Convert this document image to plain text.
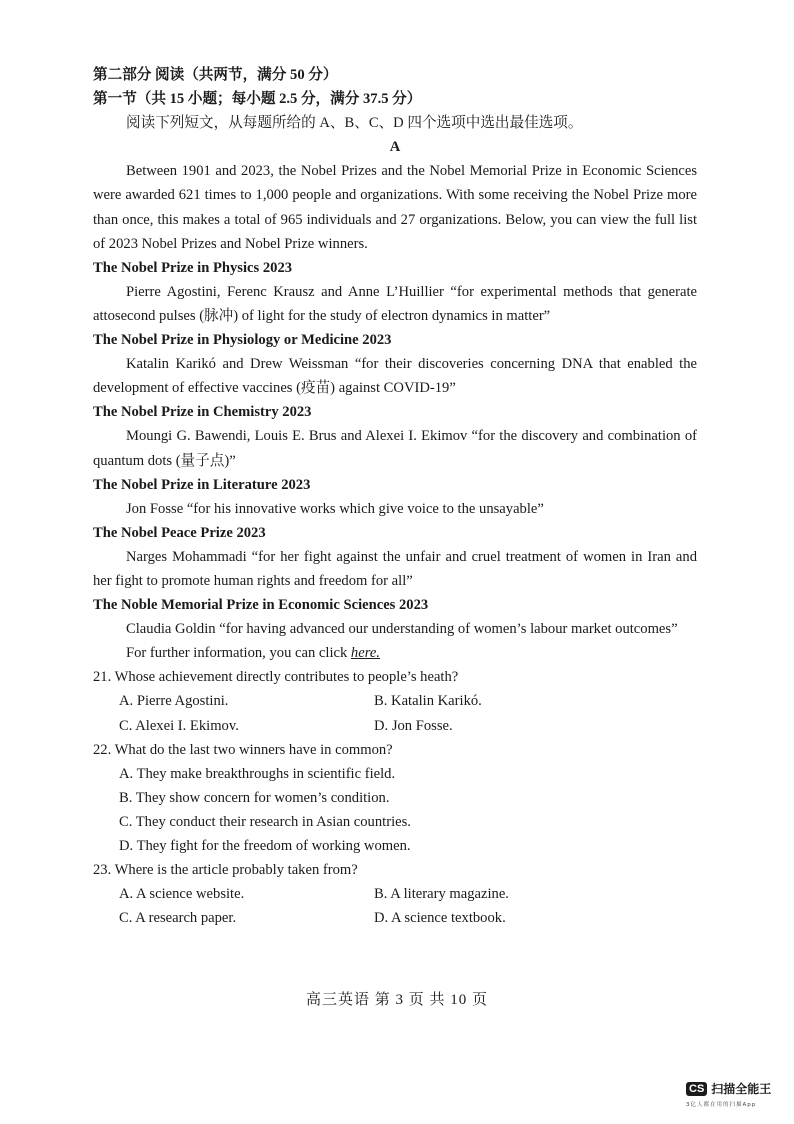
第二部分 阅读（共两节，满分 50 分）
第一节（共 15 小题；每小题 2.5 分，满分 37.5 分）
阅读下列短文，从每题所给的 A、B、C、D 四个选项中选出最佳选项。
A
Between 1901 and 2023, the Nobel Prizes and the Nobel Memorial Prize in Economic Sciences were awarded 621 times to 1,000 people and organizations. With some receiving the Nobel Prize more than once, this makes a total of 965 individuals and 27 organizations. Below, you can view the full list of 2023 Nobel Prizes and Nobel Prize winners.
The Nobel Prize in Physics 2023
Pierre Agostini, Ferenc Krausz and Anne L’Huillier “for experimental methods that generate attosecond pulses (脉冲) of light for the study of electron dynamics in matter”
The Nobel Prize in Physiology or Medicine 2023
Katalin Karikó and Drew Weissman “for their discoveries concerning DNA that enabled the development of effective vaccines (疫苗) against COVID-19”
The Nobel Prize in Chemistry 2023
Moungi G. Bawendi, Louis E. Brus and Alexei I. Ekimov “for the discovery and combination of quantum dots (量子点)”
The Nobel Prize in Literature 2023
Jon Fosse “for his innovative works which give voice to the unsayable”
The Nobel Peace Prize 2023
Narges Mohammadi “for her fight against the unfair and cruel treatment of women in Iran and her fight to promote human rights and freedom for all”
The Noble Memorial Prize in Economic Sciences 2023
Claudia Goldin “for having advanced our understanding of women’s labour market outcomes”
For further information, you can click here.
21. Whose achievement directly contributes to people’s heath?
A. Pierre Agostini.	B. Katalin Karikó.
C. Alexei I. Ekimov.	D. Jon Fosse.
22. What do the last two winners have in common?
A. They make breakthroughs in scientific field.
B. They show concern for women’s condition.
C. They conduct their research in Asian countries.
D. They fight for the freedom of working women.
23. Where is the article probably taken from?
A. A science website.	B. A literary magazine.
C. A research paper.	D. A science textbook.
高三英语 第 3 页 共 10 页
CS 扫描全能王
3亿人都在用的扫描App
